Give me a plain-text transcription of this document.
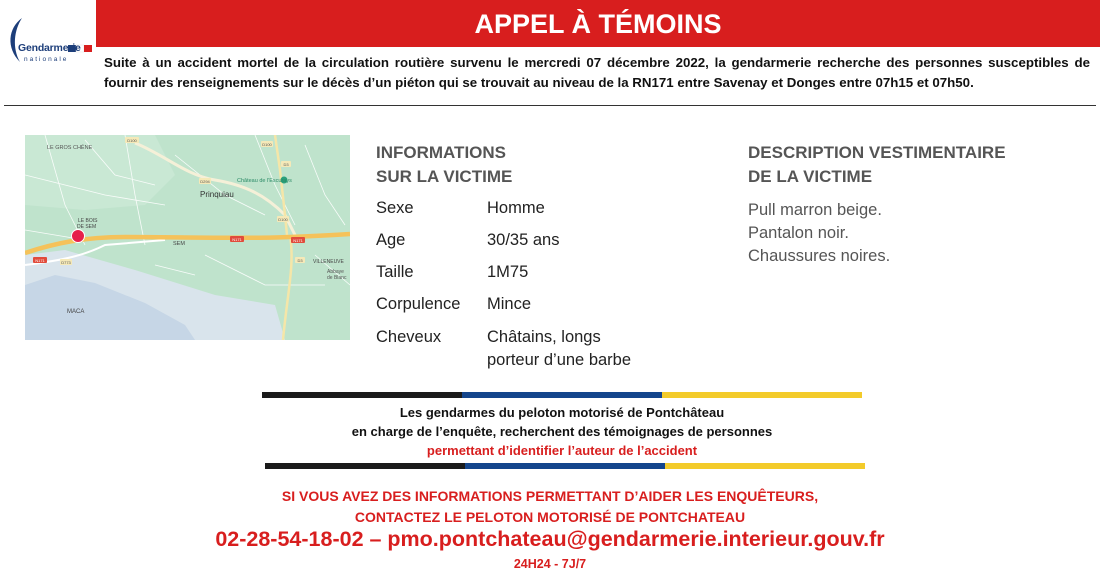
Gendarmerie
nationale
APPEL À TÉMOINS
Suite à un accident mortel de la circulation routière survenu le mercredi 07 décembre 2022, la gendarmerie recherche des personnes susceptibles de fournir des renseignements sur le décès d’un piéton qui se trouvait au niveau de la RN171 entre Savenay et Donges entre 07h15 et 07h50.
D100
D100
D294
D3
D100
N171	N171
N171	D3
D773
LE GROS CHÊNE
Château de l'Escurays
Prinquiau
LE BOIS
DE SEM
SEM
VILLENEUVE
Abbaye
de Blanc
MACA
INFORMATIONS
SUR LA VICTIME
Sexe	Homme
Age	30/35 ans
Taille	1M75
Corpulence Mince
Cheveux	Châtains, longs
porteur d’une barbe
DESCRIPTION VESTIMENTAIRE
DE LA VICTIME
Pull marron beige.
Pantalon noir.
Chaussures noires.
Les gendarmes du peloton motorisé de Pontchâteau
en charge de l’enquête, recherchent des témoignages de personnes
permettant d’identifier l’auteur de l’accident
SI VOUS AVEZ DES INFORMATIONS PERMETTANT D’AIDER LES ENQUÊTEURS,
CONTACTEZ LE PELOTON MOTORISÉ DE PONTCHATEAU
02-28-54-18-02 – pmo.pontchateau@gendarmerie.interieur.gouv.fr
24H24 - 7J/7
